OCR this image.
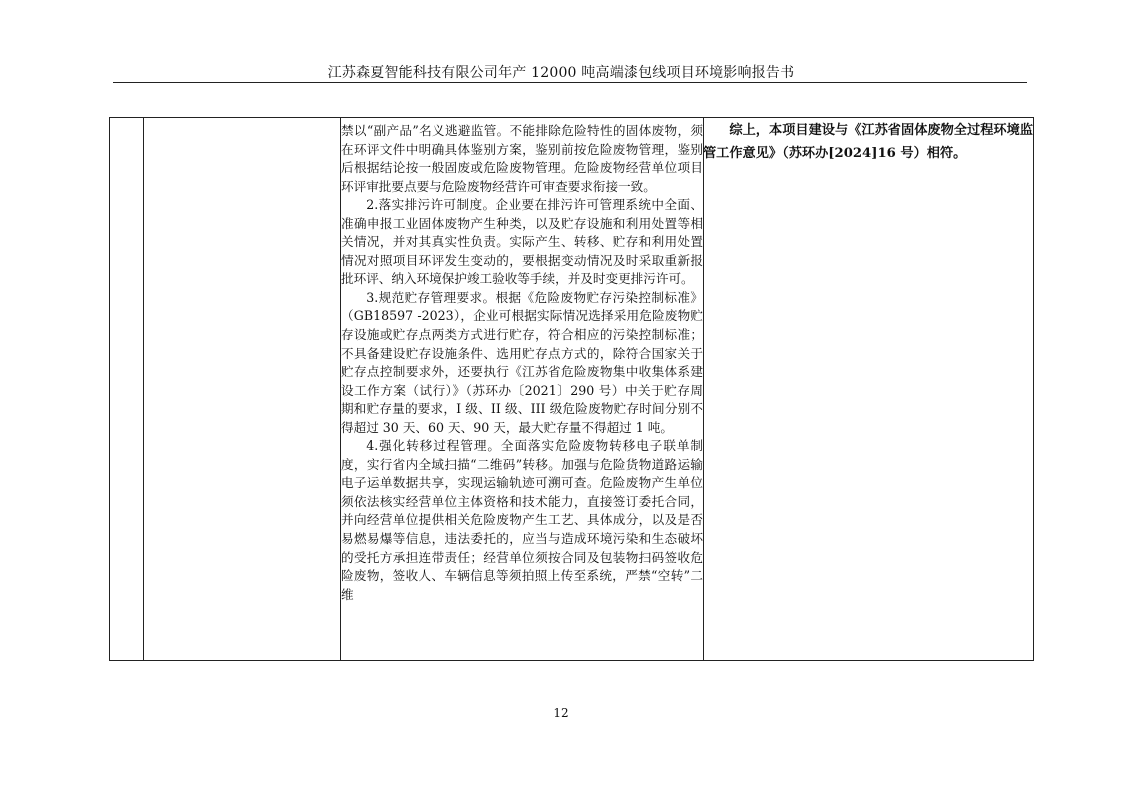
江苏森夏智能科技有限公司年产 12000 吨高端漆包线项目环境影响报告书

禁以“副产品”名义逃避监管。不能排除危险特性的固体废物，须在环评文件中明确具体鉴别方案，鉴别前按危险废物管理，鉴别后根据结论按一般固废或危险废物管理。危险废物经营单位项目环评审批要点要与危险废物经营许可审查要求衔接一致。

2.落实排污许可制度。企业要在排污许可管理系统中全面、准确申报工业固体废物产生种类，以及贮存设施和利用处置等相关情况，并对其真实性负责。实际产生、转移、贮存和利用处置情况对照项目环评发生变动的，要根据变动情况及时采取重新报批环评、纳入环境保护竣工验收等手续，并及时变更排污许可。

3.规范贮存管理要求。根据《危险废物贮存污染控制标准》（GB18597 -2023），企业可根据实际情况选择采用危险废物贮存设施或贮存点两类方式进行贮存，符合相应的污染控制标准；不具备建设贮存设施条件、选用贮存点方式的，除符合国家关于贮存点控制要求外，还要执行《江苏省危险废物集中收集体系建设工作方案（试行）》（苏环办〔2021〕290 号）中关于贮存周期和贮存量的要求，I 级、II 级、III 级危险废物贮存时间分别不得超过 30 天、60 天、90 天，最大贮存量不得超过 1 吨。

4.强化转移过程管理。全面落实危险废物转移电子联单制度，实行省内全域扫描“二维码”转移。加强与危险货物道路运输电子运单数据共享，实现运输轨迹可溯可查。危险废物产生单位须依法核实经营单位主体资格和技术能力，直接签订委托合同，并向经营单位提供相关危险废物产生工艺、具体成分，以及是否易燃易爆等信息，违法委托的，应当与造成环境污染和生态破坏的受托方承担连带责任；经营单位须按合同及包装物扫码签收危险废物，签收人、车辆信息等须拍照上传至系统，严禁“空转”二维

综上，本项目建设与《江苏省固体废物全过程环境监管工作意见》（苏环办[2024]16 号）相符。
12
